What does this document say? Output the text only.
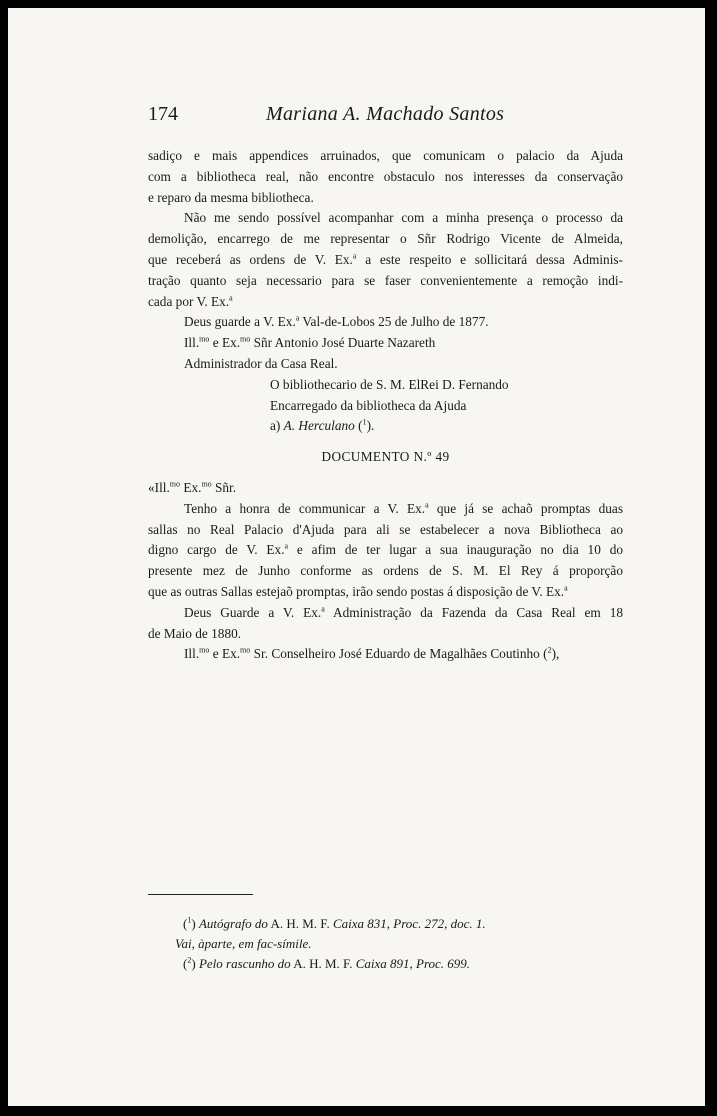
174	Mariana A. Machado Santos

sadiço e mais appendices arruinados, que comunicam o palacio da Ajuda
com a bibliotheca real, não encontre obstaculo nos interesses da conservação
e reparo da mesma bibliotheca.

Não me sendo possível acompanhar com a minha presença o processo da
demolição, encarrego de me representar o Sñr Rodrigo Vicente de Almeida,
que receberá as ordens de V. Ex.$^a$ a este respeito e sollicitará dessa Adminis-
tração quanto seja necessario para se faser convenientemente a remoção indi-
cada por V. Ex.$^a$

Deus guarde a V. Ex.$^a$ Val-de-Lobos 25 de Julho de 1877.

Ill.$^{mo}$ e Ex.$^{mo}$ Sñr Antonio José Duarte Nazareth
Administrador da Casa Real.

O bibliothecario de S. M. ElRei D. Fernando
Encarregado da bibliotheca da Ajuda
a) A. Herculano ($^1$).

DOCUMENTO N.º 49

«Ill.$^{mo}$ Ex.$^{mo}$ Sñr.

Tenho a honra de communicar a V. Ex.$^a$ que já se achaõ promptas duas
sallas no Real Palacio d'Ajuda para ali se estabelecer a nova Bibliotheca ao
digno cargo de V. Ex.$^a$ e afim de ter lugar a sua inauguração no dia 10 do
presente mez de Junho conforme as ordens de S. M. El Rey á proporção
que as outras Sallas estejaõ promptas, irão sendo postas á disposição de V. Ex.$^a$

Deus Guarde a V. Ex.$^a$ Administração da Fazenda da Casa Real em 18
de Maio de 1880.

Ill.$^{mo}$ e Ex.$^{mo}$ Sr. Conselheiro José Eduardo de Magalhães Coutinho ($^2$),

($^1$) Autógrafo do A. H. M. F. Caixa 831, Proc. 272, doc. 1.
Vai, àparte, em fac-símile.
($^2$) Pelo rascunho do A. H. M. F. Caixa 891, Proc. 699.
